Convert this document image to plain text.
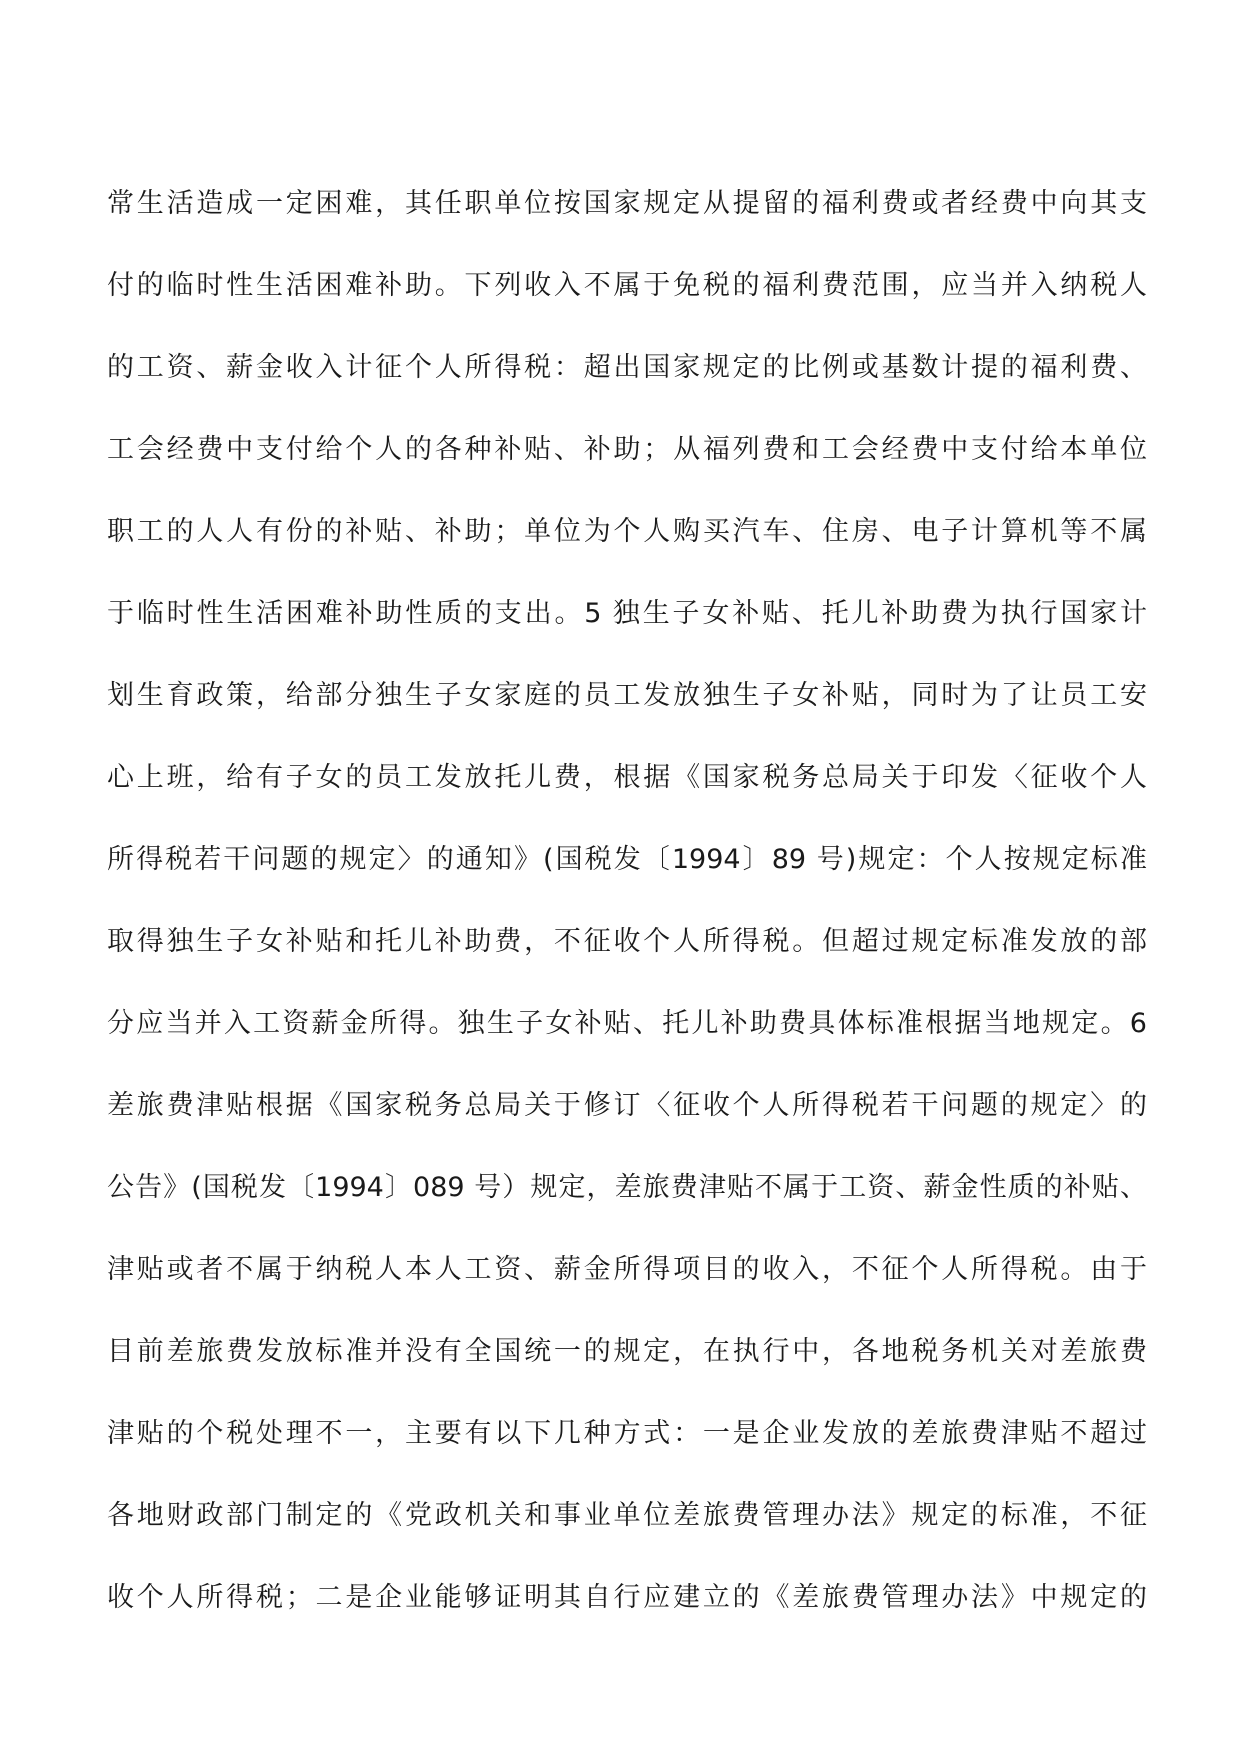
常生活造成一定困难，其任职单位按国家规定从提留的福利费或者经费中向其支
付的临时性生活困难补助。下列收入不属于免税的福利费范围，应当并入纳税人
的工资、薪金收入计征个人所得税：超出国家规定的比例或基数计提的福利费、
工会经费中支付给个人的各种补贴、补助；从福列费和工会经费中支付给本单位
职工的人人有份的补贴、补助；单位为个人购买汽车、住房、电子计算机等不属
于临时性生活困难补助性质的支出。5 独生子女补贴、托儿补助费为执行国家计
划生育政策，给部分独生子女家庭的员工发放独生子女补贴，同时为了让员工安
心上班，给有子女的员工发放托儿费，根据《国家税务总局关于印发〈征收个人
所得税若干问题的规定〉的通知》(国税发〔1994〕89 号)规定：个人按规定标准
取得独生子女补贴和托儿补助费，不征收个人所得税。但超过规定标准发放的部
分应当并入工资薪金所得。独生子女补贴、托儿补助费具体标准根据当地规定。6
差旅费津贴根据《国家税务总局关于修订〈征收个人所得税若干问题的规定〉的
公告》(国税发〔1994〕089 号）规定，差旅费津贴不属于工资、薪金性质的补贴、
津贴或者不属于纳税人本人工资、薪金所得项目的收入，不征个人所得税。由于
目前差旅费发放标准并没有全国统一的规定，在执行中，各地税务机关对差旅费
津贴的个税处理不一，主要有以下几种方式：一是企业发放的差旅费津贴不超过
各地财政部门制定的《党政机关和事业单位差旅费管理办法》规定的标准，不征
收个人所得税；二是企业能够证明其自行应建立的《差旅费管理办法》中规定的
